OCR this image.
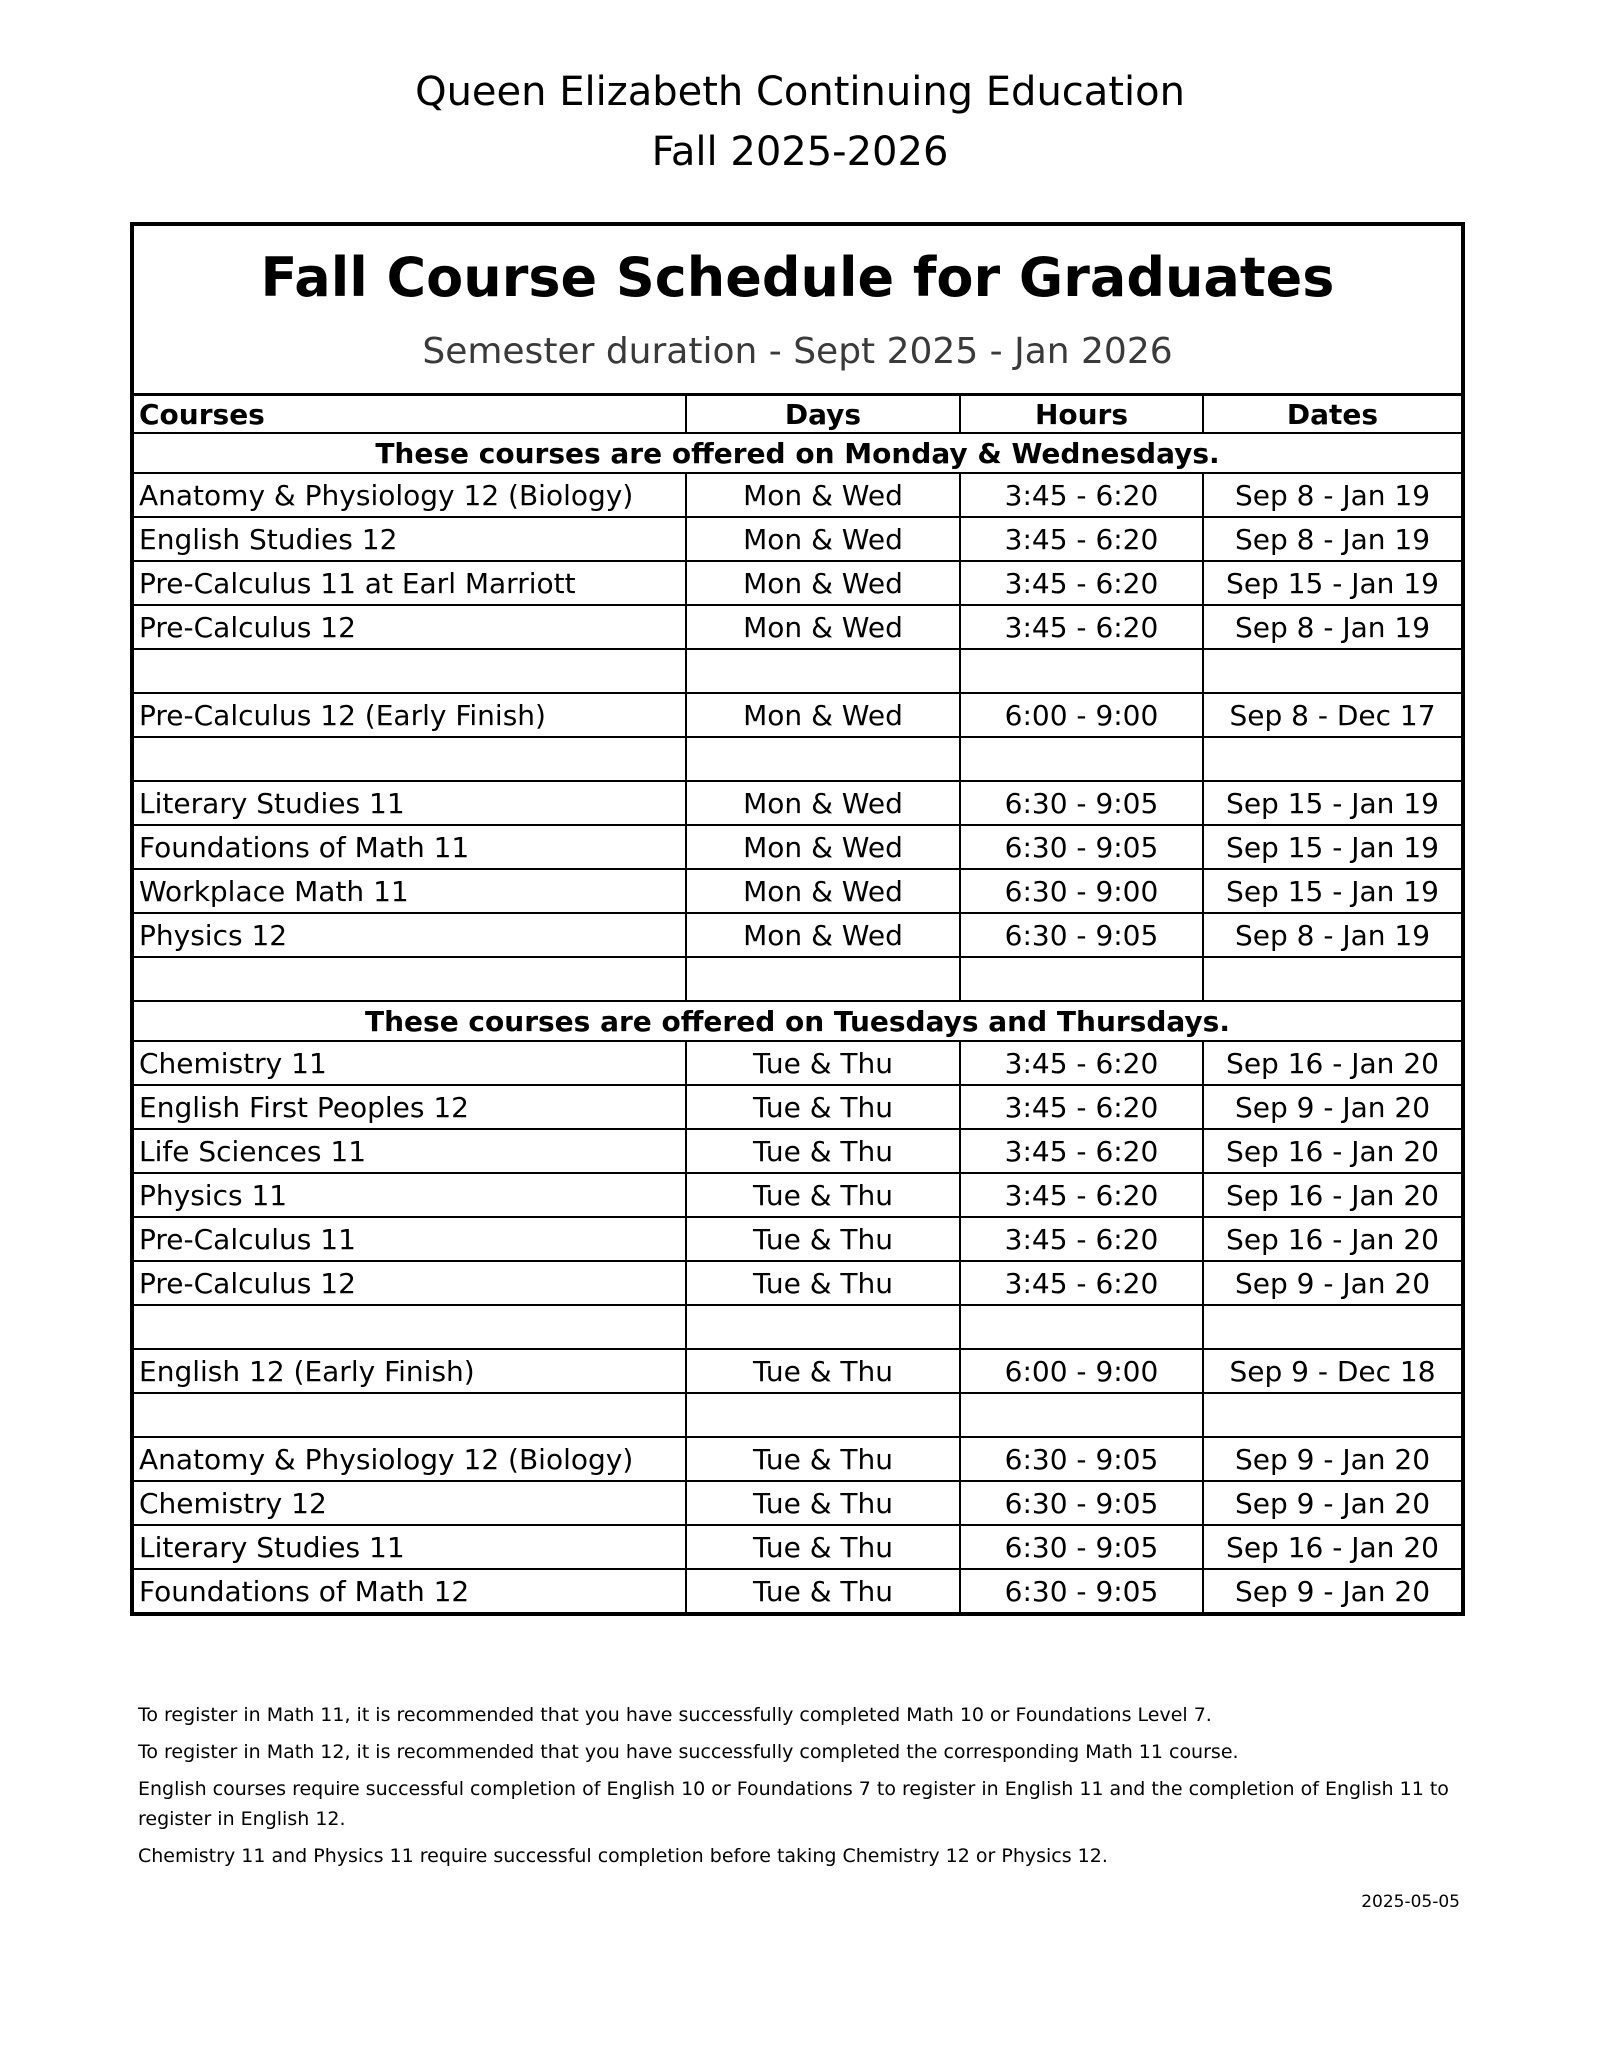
Queen Elizabeth Continuing Education
Fall 2025-2026
Fall Course Schedule for Graduates
Semester duration - Sept 2025 - Jan 2026
Courses	Days	Hours	Dates
These courses are offered on Monday & Wednesdays.			
Anatomy & Physiology 12 (Biology)	Mon & Wed	3:45 - 6:20	Sep 8 - Jan 19
English Studies 12	Mon & Wed	3:45 - 6:20	Sep 8 - Jan 19
Pre-Calculus 11 at Earl Marriott	Mon & Wed	3:45 - 6:20	Sep 15 - Jan 19
Pre-Calculus 12	Mon & Wed	3:45 - 6:20	Sep 8 - Jan 19

Pre-Calculus 12 (Early Finish)	Mon & Wed	6:00 - 9:00	Sep 8 - Dec 17

Literary Studies 11	Mon & Wed	6:30 - 9:05	Sep 15 - Jan 19
Foundations of Math 11	Mon & Wed	6:30 - 9:05	Sep 15 - Jan 19
Workplace Math 11	Mon & Wed	6:30 - 9:00	Sep 15 - Jan 19
Physics 12	Mon & Wed	6:30 - 9:05	Sep 8 - Jan 19

These courses are offered on Tuesdays and Thursdays.			
Chemistry 11	Tue & Thu	3:45 - 6:20	Sep 16 - Jan 20
English First Peoples 12	Tue & Thu	3:45 - 6:20	Sep 9 - Jan 20
Life Sciences 11	Tue & Thu	3:45 - 6:20	Sep 16 - Jan 20
Physics 11	Tue & Thu	3:45 - 6:20	Sep 16 - Jan 20
Pre-Calculus 11	Tue & Thu	3:45 - 6:20	Sep 16 - Jan 20
Pre-Calculus 12	Tue & Thu	3:45 - 6:20	Sep 9 - Jan 20

English 12 (Early Finish)	Tue & Thu	6:00 - 9:00	Sep 9 - Dec 18

Anatomy & Physiology 12 (Biology)	Tue & Thu	6:30 - 9:05	Sep 9 - Jan 20
Chemistry 12	Tue & Thu	6:30 - 9:05	Sep 9 - Jan 20
Literary Studies 11	Tue & Thu	6:30 - 9:05	Sep 16 - Jan 20
Foundations of Math 12	Tue & Thu	6:30 - 9:05	Sep 9 - Jan 20

To register in Math 11, it is recommended that you have successfully completed Math 10 or Foundations Level 7.

To register in Math 12, it is recommended that you have successfully completed the corresponding Math 11 course.

English courses require successful completion of English 10 or Foundations 7 to register in English 11 and the completion of English 11 to register in English 12.

Chemistry 11 and Physics 11 require successful completion before taking Chemistry 12 or Physics 12.

2025-05-05
